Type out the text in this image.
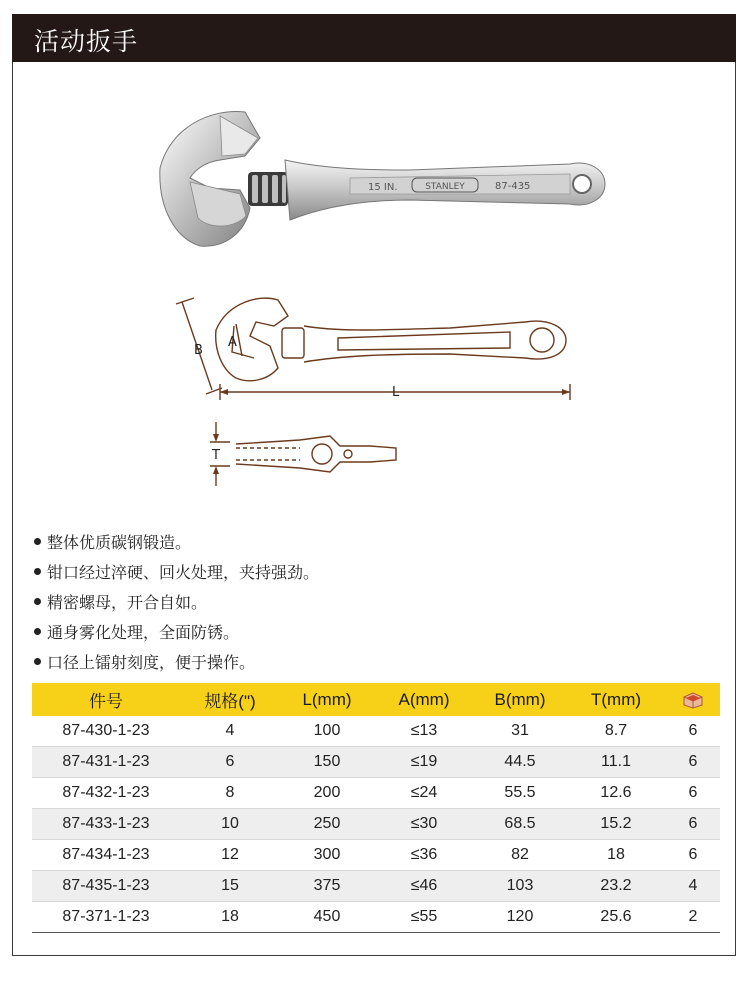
活动扳手
15 IN.	STANLEY	87-435
B
A
L
T
整体优质碳钢锻造。
钳口经过淬硬、回火处理，夹持强劲。
精密螺母，开合自如。
通身雾化处理，全面防锈。
口径上镭射刻度，便于操作。
件号	规格(")	L(mm)	A(mm)	B(mm)	T(mm)	
87-430-1-23	4	100	≤13	31	8.7	6
87-431-1-23	6	150	≤19	44.5	11.1	6
87-432-1-23	8	200	≤24	55.5	12.6	6
87-433-1-23	10	250	≤30	68.5	15.2	6
87-434-1-23	12	300	≤36	82	18	6
87-435-1-23	15	375	≤46	103	23.2	4
87-371-1-23	18	450	≤55	120	25.6	2
